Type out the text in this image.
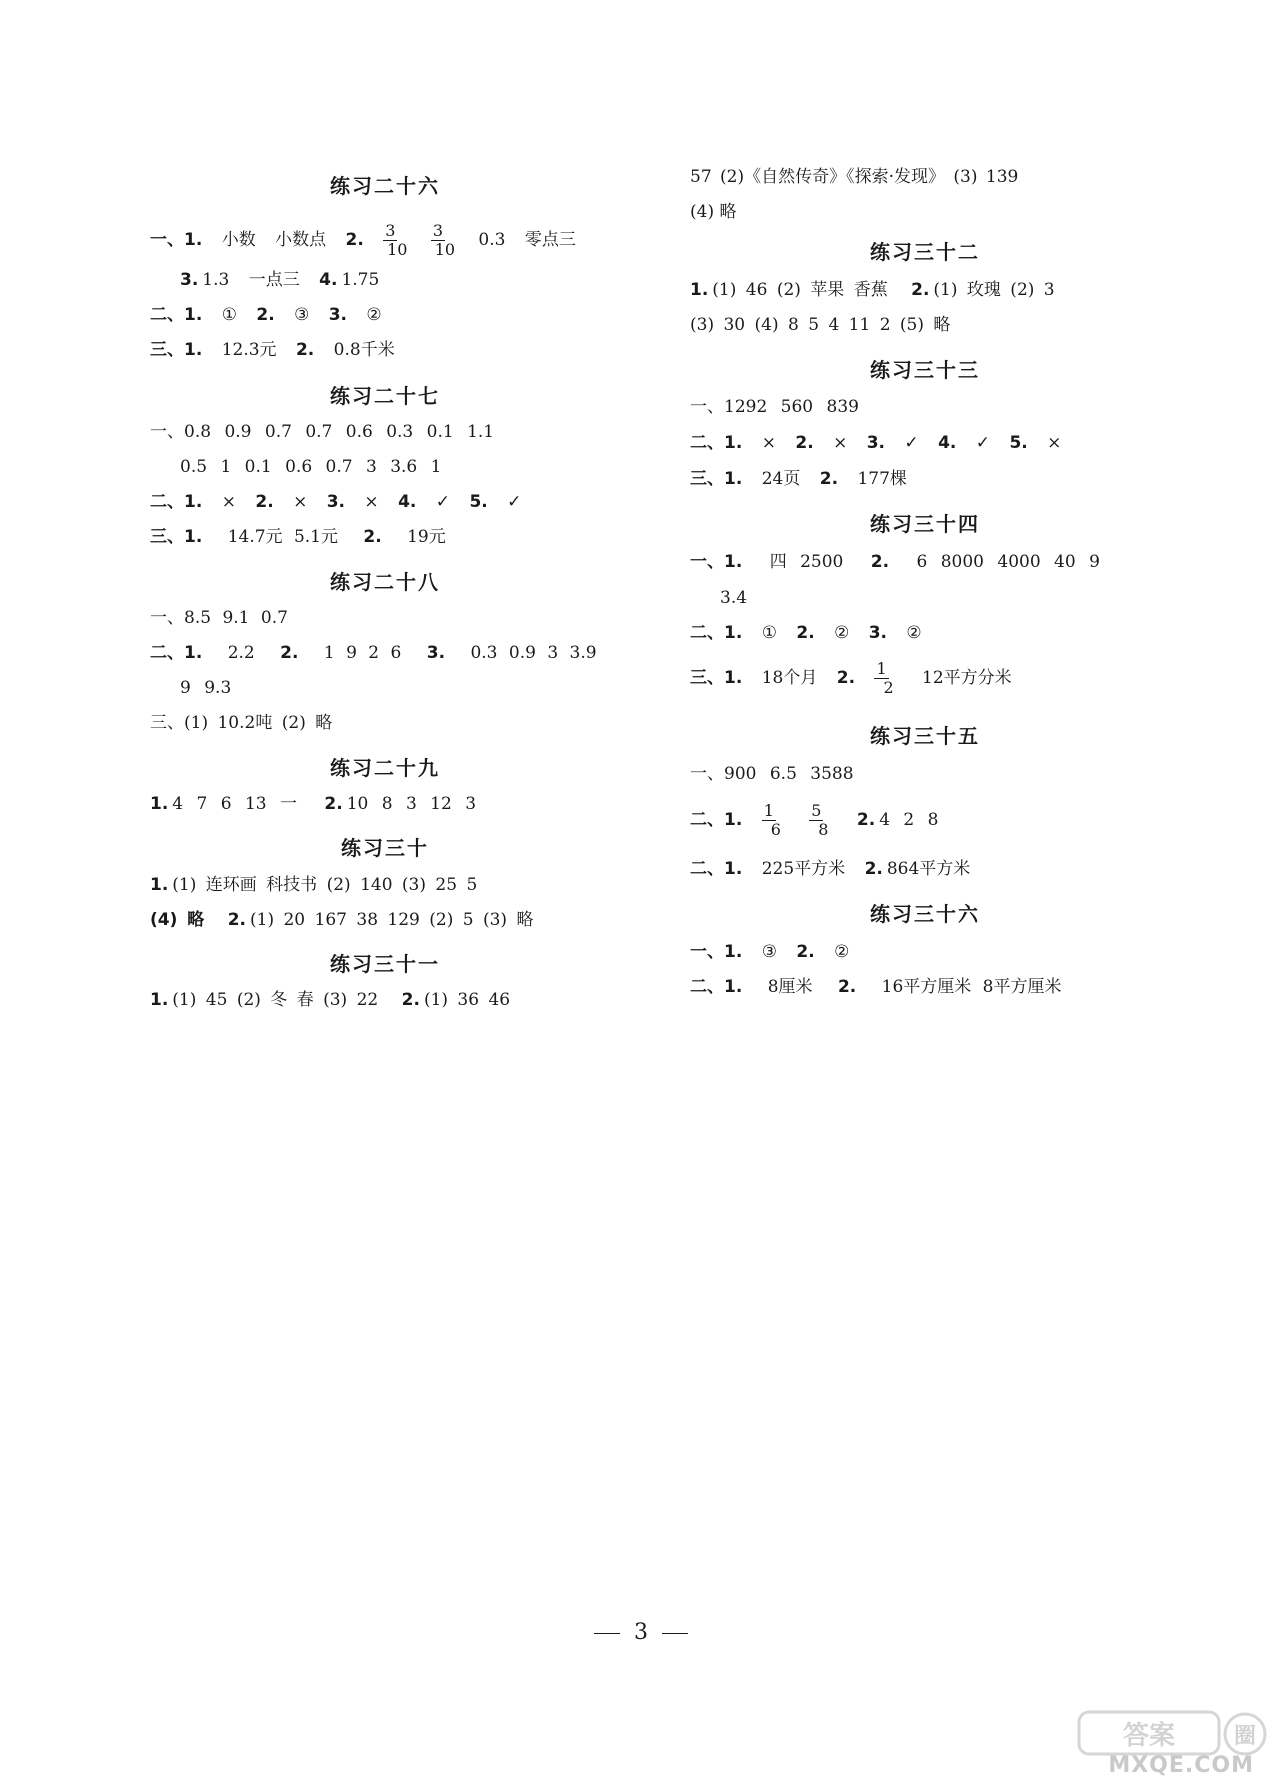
练习二十六
一、1. 小数 小数点 2. $\frac{3}{10}$
$\frac{3}{10} 0.3$ 零点三
3. 1.3 一点三 4. 1.75
二、1. ① 2. ③ 3. ②
三、1. 12.3元 2. 0.8千米
练习二十七
一、0.8 0.9 0.7 0.7 0.6 0.3 0.1 1.1
0.5 1 0.1 0.6 0.7 3 3.6 1
二、1. × 2. × 3. × 4. ✓ 5. ✓
三、1. 14.7元 5.1元 2. 19元
练习二十八
一、8.5 9.1 0.7
二、1. 2.2 2. 1 9 2 6 3. 0.3 0.9 3 3.9
9 9.3
三、(1) 10.2吨 (2) 略
练习二十九
1. 4 7 6 13 一 2. 10 8 3 12 3
练习三十
1. (1) 连环画 科技书 (2) 140 (3) 25 5
(4) 略 2. (1) 20 167 38 129 (2) 5 (3) 略
练习三十一
1. (1) 45 (2) 冬 春 (3) 22 2. (1) 36 46
57 (2)《自然传奇》《探索·发现》 (3) 139
(4) 略
练习三十二
1. (1) 46 (2) 苹果 香蕉 2. (1) 玫瑰 (2) 3
(3) 30 (4) 8 5 4 11 2 (5) 略
练习三十三
一、1292 560 839
二、1. × 2. × 3. ✓ 4. ✓ 5. ×
三、1. 24页 2. 177棵
练习三十四
一、1. 四 2500 2. 6 8000 4000 40 9
3.4
二、1. ① 2. ② 3. ②
三、1. 18个月 2. $\frac{1}{2} 12$平方分米
练习三十五
一、900 6.5 3588
二、1. $\frac{1}{6}$
$\frac{5}{8} 2$. 4 2 8
二、1. 225平方米 2. 864平方米
练习三十六
一、1. ③ 2. ②
二、1. 8厘米 2. 16平方厘米 8平方厘米
3
答案	圈
MXQE.COM
